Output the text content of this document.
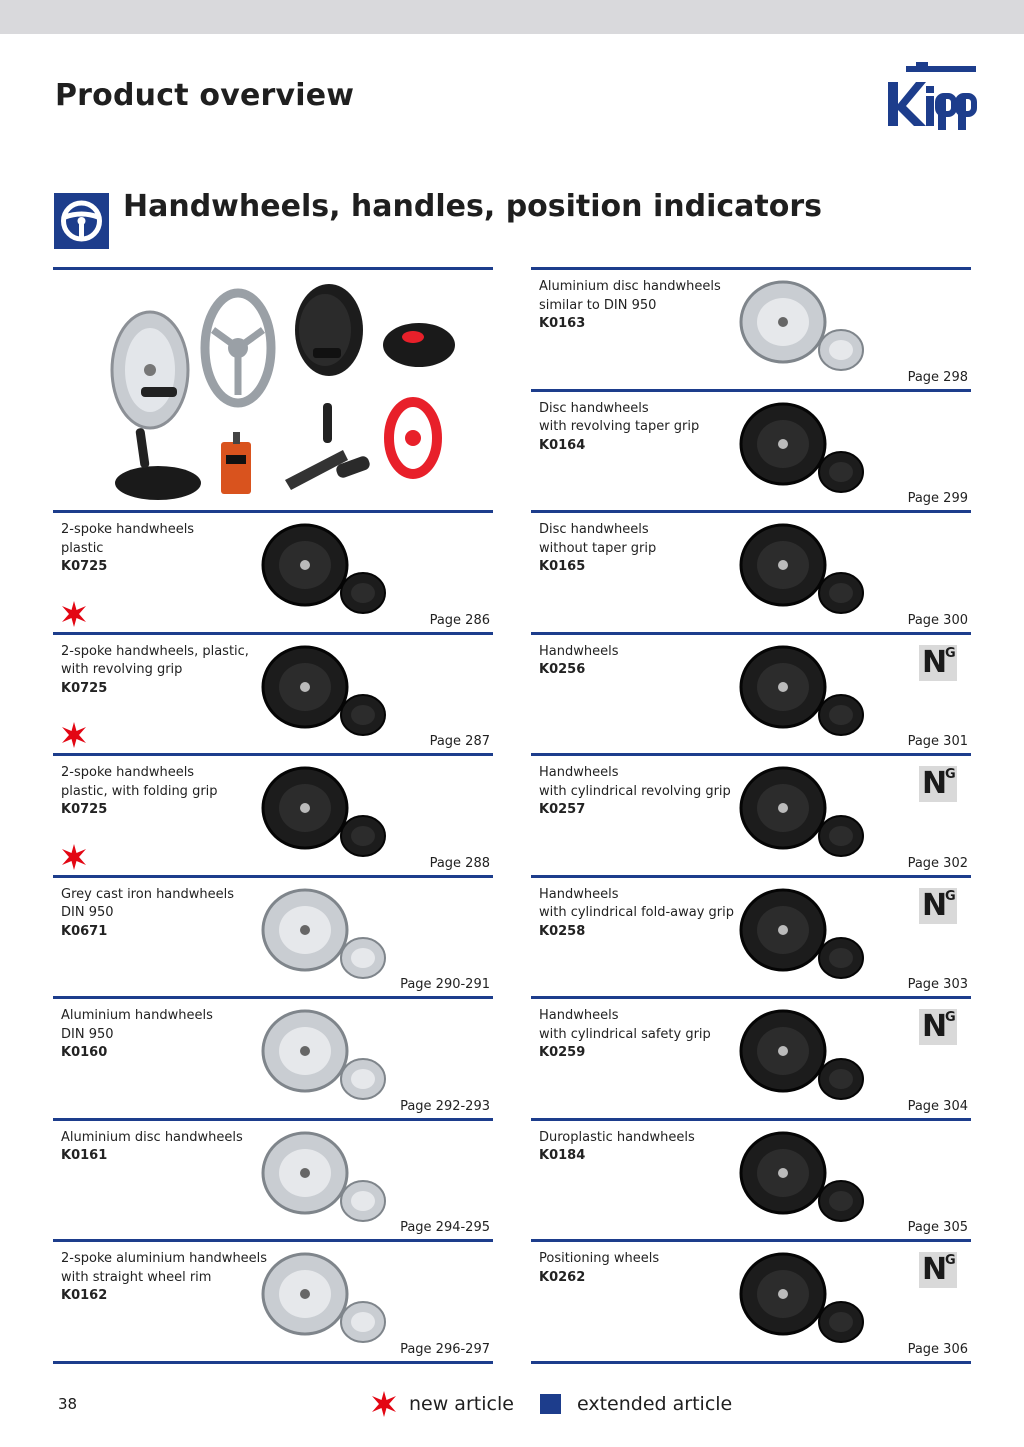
Product overview
Handwheels, handles, position indicators
2-spoke handwheels
plastic
K0725
Page 286
2-spoke handwheels, plastic,
with revolving grip
K0725
Page 287
2-spoke handwheels
plastic, with folding grip
K0725
Page 288
Grey cast iron handwheels
DIN 950
K0671
Page 290-291
Aluminium handwheels
DIN 950
K0160
Page 292-293
Aluminium disc handwheels
K0161
Page 294-295
2-spoke aluminium handwheels
with straight wheel rim
K0162
Page 296-297
Aluminium disc handwheels
similar to DIN 950
K0163
Page 298
Disc handwheels
with revolving taper grip
K0164
Page 299
Disc handwheels
without taper grip
K0165
Page 300
Handwheels
K0256
Page 301
N
G
Handwheels
with cylindrical revolving grip
K0257
Page 302
N
G
Handwheels
with cylindrical fold-away grip
K0258
Page 303
N
G
Handwheels
with cylindrical safety grip
K0259
Page 304
N
G
Duroplastic handwheels
K0184
Page 305
Positioning wheels
K0262
Page 306
N
G
38	new article	extended article
